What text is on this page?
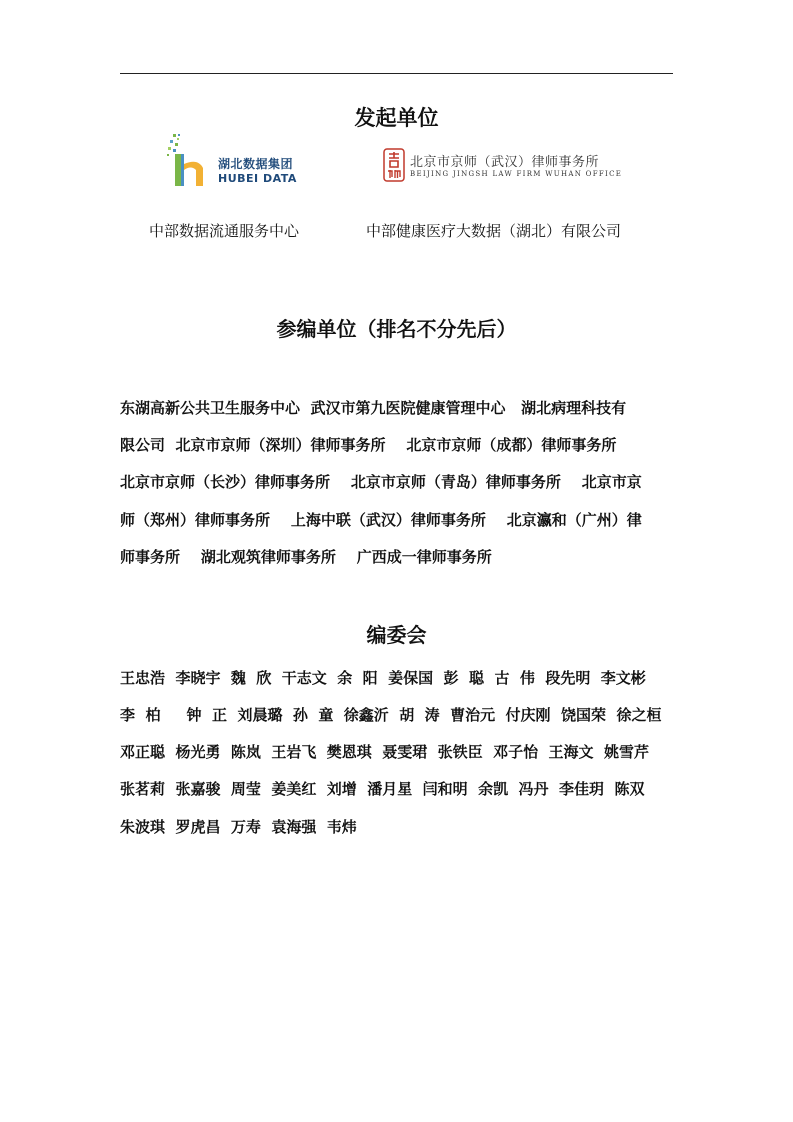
发起单位
湖北数据集团
HUBEI DATA
北京市京师（武汉）律师事务所
BEIJING JINGSH LAW FIRM WUHAN OFFICE
中部数据流通服务中心	中部健康医疗大数据（湖北）有限公司
参编单位（排名不分先后）
东湖高新公共卫生服务中心  武汉市第九医院健康管理中心   湖北病理科技有
限公司  北京市京师（深圳）律师事务所    北京市京师（成都）律师事务所
北京市京师（长沙）律师事务所    北京市京师（青岛）律师事务所    北京市京
师（郑州）律师事务所    上海中联（武汉）律师事务所    北京瀛和（广州）律
师事务所    湖北观筑律师事务所    广西成一律师事务所
编委会
王忠浩  李晓宇  魏  欣  干志文  余  阳  姜保国  彭  聪  古  伟  段先明  李文彬
李  柏     钟  正  刘晨璐  孙  童  徐鑫沂  胡  涛  曹治元  付庆刚  饶国荣  徐之桓
邓正聪  杨光勇  陈岚  王岩飞  樊恩琪  聂雯珺  张铁臣  邓子怡  王海文  姚雪芹
张茗莉  张嘉骏  周莹  姜美红  刘增  潘月星  闫和明  余凯  冯丹  李佳玥  陈双
朱波琪  罗虎昌  万寿  袁海强  韦炜
